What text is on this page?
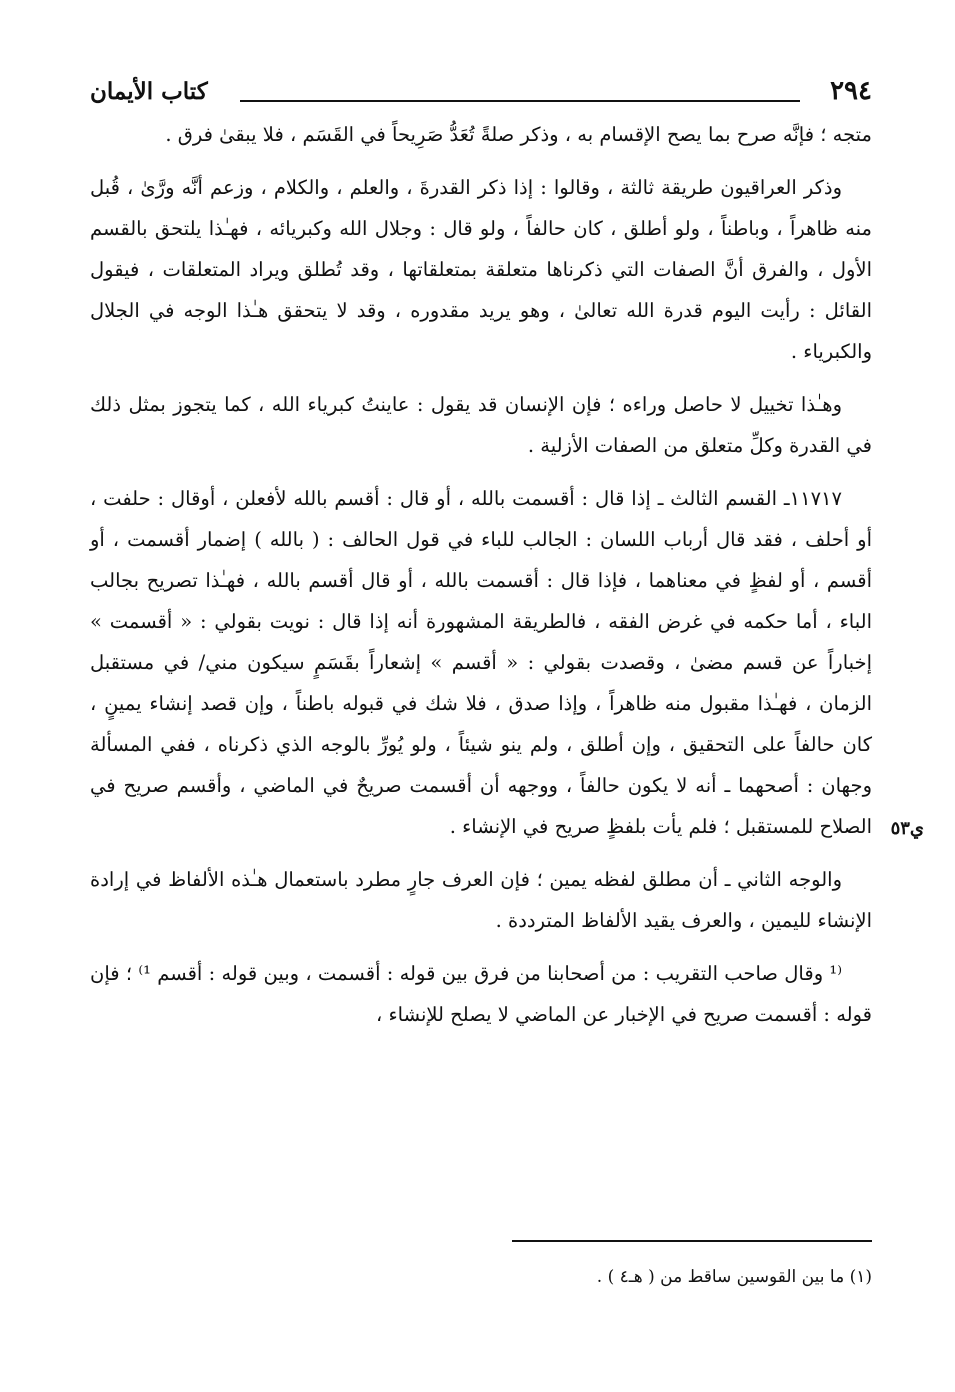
٢٩٤
كتاب الأيمان

متجه ؛ فإنَّه صرح بما يصح الإقسام به ، وذكر صلةً تُعَدُّ صَرِيحاً في القَسَم ، فلا يبقىٰ فرق .

وذكر العراقيون طريقة ثالثة ، وقالوا : إذا ذكر القدرةَ ، والعلم ، والكلام ، وزعم أنَّه ورَّىٰ ، قُبل منه ظاهراً ، وباطناً ، ولو أطلق ، كان حالفاً ، ولو قال : وجلال الله وكبريائه ، فهـٰذا يلتحق بالقسم الأول ، والفرق أنَّ الصفات التي ذكرناها متعلقة بمتعلقاتها ، وقد تُطلق ويراد المتعلقات ، فيقول القائل : رأيت اليوم قدرة الله تعالىٰ ، وهو يريد مقدوره ، وقد لا يتحقق هـٰذا الوجه في الجلال والكبرياء .

وهـٰذا تخييل لا حاصل وراءه ؛ فإن الإنسان قد يقول : عاينتُ كبرياء الله ، كما يتجوز بمثل ذلك في القدرة وكلِّ متعلق من الصفات الأزلية .

١١٧١٧ـ القسم الثالث ـ إذا قال : أقسمت بالله ، أو قال : أقسم بالله لأفعلن ، أوقال : حلفت ، أو أحلف ، فقد قال أرباب اللسان : الجالب للباء في قول الحالف : ( بالله ) إضمار أقسمت ، أو أقسم ، أو لفظٍ في معناهما ، فإذا قال : أقسمت بالله ، أو قال أقسم بالله ، فهـٰذا تصريح بجالب الباء ، أما حكمه في غرض الفقه ، فالطريقة المشهورة أنه إذا قال : نويت بقولي : « أقسمت » إخباراً عن قسم مضىٰ ، وقصدت بقولي : « أقسم » إشعاراً بقَسَمٍ سيكون مني/ في مستقبل الزمان ، فهـٰذا مقبول منه ظاهراً ، وإذا صدق ، فلا شك في قبوله باطناً ، وإن قصد إنشاء يمينٍ ، كان حالفاً على التحقيق ، وإن أطلق ، ولم ينو شيئاً ، ولو يُورِّ بالوجه الذي ذكرناه ، ففي المسألة وجهان : أصحهما ـ أنه لا يكون حالفاً ، ووجهه أن أقسمت صريحٌ في الماضي ، وأقسم صريح في الصلاح للمستقبل ؛ فلم يأت بلفظٍ صريح في الإنشاء .

والوجه الثاني ـ أن مطلق لفظه يمين ؛ فإن العرف جارٍ مطرد باستعمال هـٰذه الألفاظ في إرادة الإنشاء لليمين ، والعرف يقيد الألفاظ المترددة .

⁽¹ وقال صاحب التقريب : من أصحابنا من فرق بين قوله : أقسمت ، وبين قوله : أقسم ¹⁾ ؛ فإن قوله : أقسمت صريح في الإخبار عن الماضي لا يصلح للإنشاء ،

ي٥٣
(١) ما بين القوسين ساقط من ( هـ٤ ) .
